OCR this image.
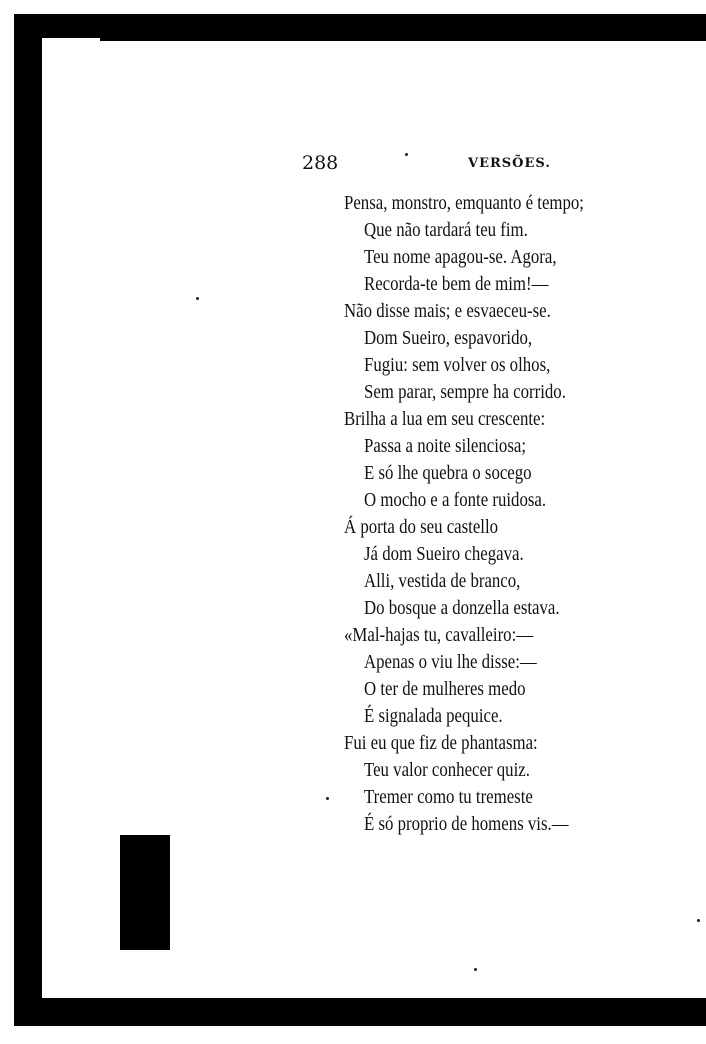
288	VERSÕES.
Pensa, monstro, emquanto é tempo;
Que não tardará teu fim.
Teu nome apagou-se. Agora,
Recorda-te bem de mim!—
Não disse mais; e esvaeceu-se.
Dom Sueiro, espavorido,
Fugiu: sem volver os olhos,
Sem parar, sempre ha corrido.
Brilha a lua em seu crescente:
Passa a noite silenciosa;
E só lhe quebra o socego
O mocho e a fonte ruidosa.
Á porta do seu castello
Já dom Sueiro chegava.
Alli, vestida de branco,
Do bosque a donzella estava.
«Mal-hajas tu, cavalleiro:—
Apenas o viu lhe disse:—
O ter de mulheres medo
É signalada pequice.
Fui eu que fiz de phantasma:
Teu valor conhecer quiz.
Tremer como tu tremeste
É só proprio de homens vis.—
